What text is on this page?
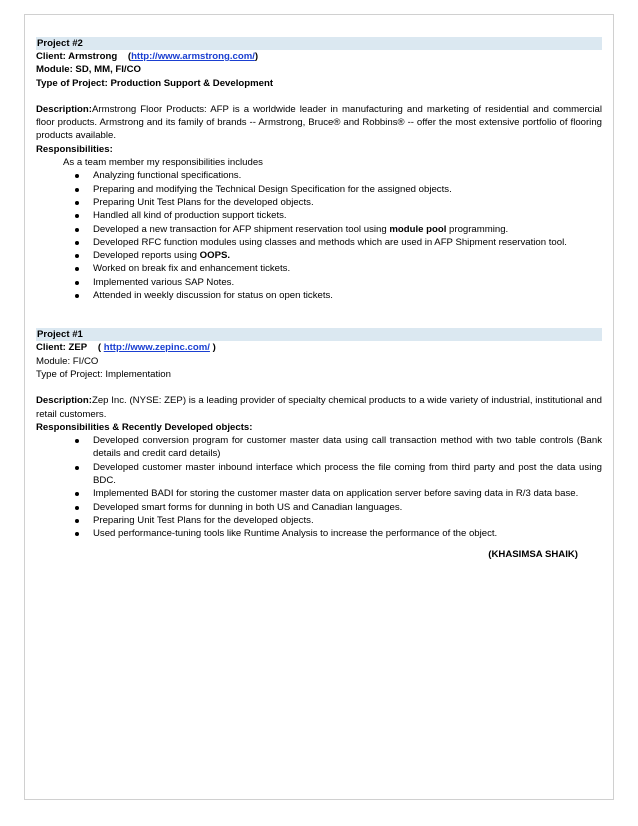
Project #2
Client: Armstrong    (http://www.armstrong.com/)
Module: SD, MM, FI/CO
Type of Project: Production Support & Development
Description:Armstrong Floor Products: AFP is a worldwide leader in manufacturing and marketing of residential and commercial floor products. Armstrong and its family of brands -- Armstrong, Bruce® and Robbins® -- offer the most extensive portfolio of flooring products available.
Responsibilities:
As a team member my responsibilities includes
Analyzing functional specifications.
Preparing and modifying the Technical Design Specification for the assigned objects.
Preparing Unit Test Plans for the developed objects.
Handled all kind of production support tickets.
Developed a new transaction for AFP shipment reservation tool using module pool programming.
Developed RFC function modules using classes and methods which are used in AFP Shipment reservation tool.
Developed reports using OOPS.
Worked on break fix and enhancement tickets.
Implemented various SAP Notes.
Attended in weekly discussion for status on open tickets.
Project #1
Client: ZEP    ( http://www.zepinc.com/ )
Module: FI/CO
Type of Project: Implementation
Description:Zep Inc. (NYSE: ZEP) is a leading provider of specialty chemical products to a wide variety of industrial, institutional and retail customers.
Responsibilities & Recently Developed objects:
Developed conversion program for customer master data using call transaction method with two table controls (Bank details and credit card details)
Developed customer master inbound interface which process the file coming from third party and post the data using BDC.
Implemented BADI for storing the customer master data on application server before saving data in R/3 data base.
Developed smart forms for dunning in both US and Canadian languages.
Preparing Unit Test Plans for the developed objects.
Used performance-tuning tools like Runtime Analysis to increase the performance of the object.
(KHASIMSA SHAIK)
